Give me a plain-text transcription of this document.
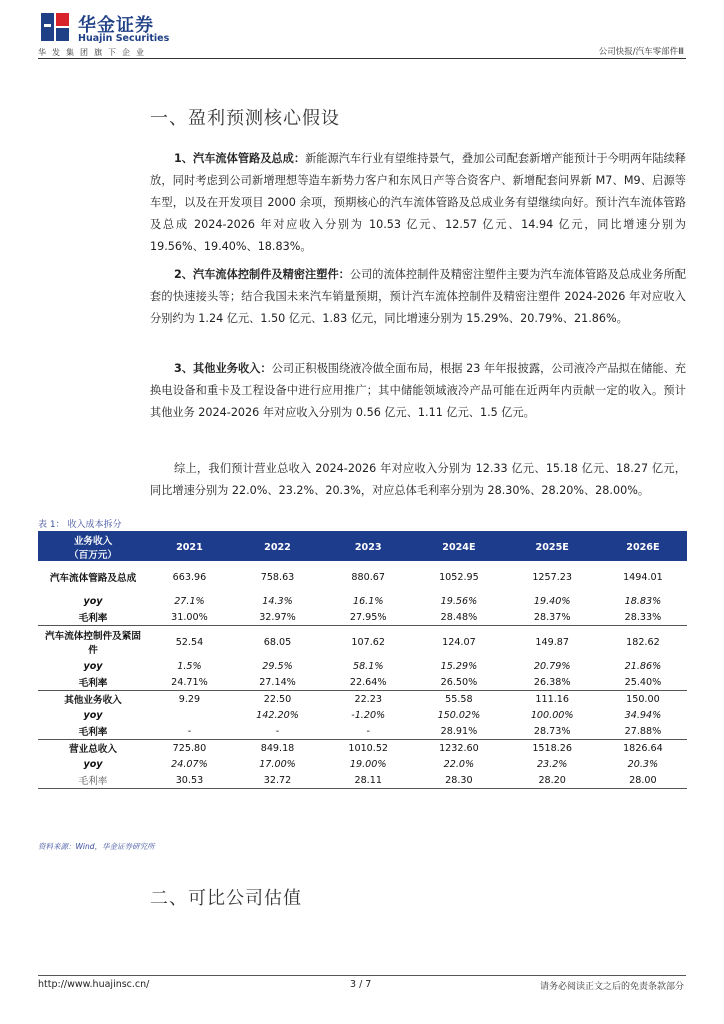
华金证券
Huajin Securities
华发集团旗下企业	公司快报/汽车零部件Ⅲ
一、盈利预测核心假设
1、汽车流体管路及总成：新能源汽车行业有望维持景气，叠加公司配套新增产能预计于今明两年陆续释放，同时考虑到公司新增理想等造车新势力客户和东风日产等合资客户、新增配套问界新 M7、M9、启源等车型，以及在开发项目 2000 余项，预期核心的汽车流体管路及总成业务有望继续向好。预计汽车流体管路及总成 2024-2026 年对应收入分别为 10.53 亿元、12.57 亿元、14.94 亿元，同比增速分别为 19.56%、19.40%、18.83%。
2、汽车流体控制件及精密注塑件：公司的流体控制件及精密注塑件主要为汽车流体管路及总成业务所配套的快速接头等；结合我国未来汽车销量预期，预计汽车流体控制件及精密注塑件 2024-2026 年对应收入分别约为 1.24 亿元、1.50 亿元、1.83 亿元，同比增速分别为 15.29%、20.79%、21.86%。
3、其他业务收入：公司正积极围绕液冷做全面布局，根据 23 年年报披露，公司液冷产品拟在储能、充换电设备和重卡及工程设备中进行应用推广；其中储能领域液冷产品可能在近两年内贡献一定的收入。预计其他业务 2024-2026 年对应收入分别为 0.56 亿元、1.11 亿元、1.5 亿元。
综上，我们预计营业总收入 2024-2026 年对应收入分别为 12.33 亿元、15.18 亿元、18.27 亿元，同比增速分别为 22.0%、23.2%、20.3%，对应总体毛利率分别为 28.30%、28.20%、28.00%。
表 1： 收入成本拆分
业务收入
（百万元）	2021	2022	2023	2024E	2025E	2026E
汽车流体管路及总成	663.96	758.63	880.67	1052.95	1257.23	1494.01
yoy	27.1%	14.3%	16.1%	19.56%	19.40%	18.83%
毛利率	31.00%	32.97%	27.95%	28.48%	28.37%	28.33%
汽车流体控制件及紧固件	52.54	68.05	107.62	124.07	149.87	182.62
yoy	1.5%	29.5%	58.1%	15.29%	20.79%	21.86%
毛利率	24.71%	27.14%	22.64%	26.50%	26.38%	25.40%
其他业务收入	9.29	22.50	22.23	55.58	111.16	150.00
yoy		142.20%	-1.20%	150.02%	100.00%	34.94%
毛利率	-	-	-	28.91%	28.73%	27.88%
营业总收入	725.80	849.18	1010.52	1232.60	1518.26	1826.64
yoy	24.07%	17.00%	19.00%	22.0%	23.2%	20.3%
毛利率	30.53	32.72	28.11	28.30	28.20	28.00
资料来源：Wind，华金证券研究所
二、可比公司估值
http://www.huajinsc.cn/	3 / 7	请务必阅读正文之后的免责条款部分
